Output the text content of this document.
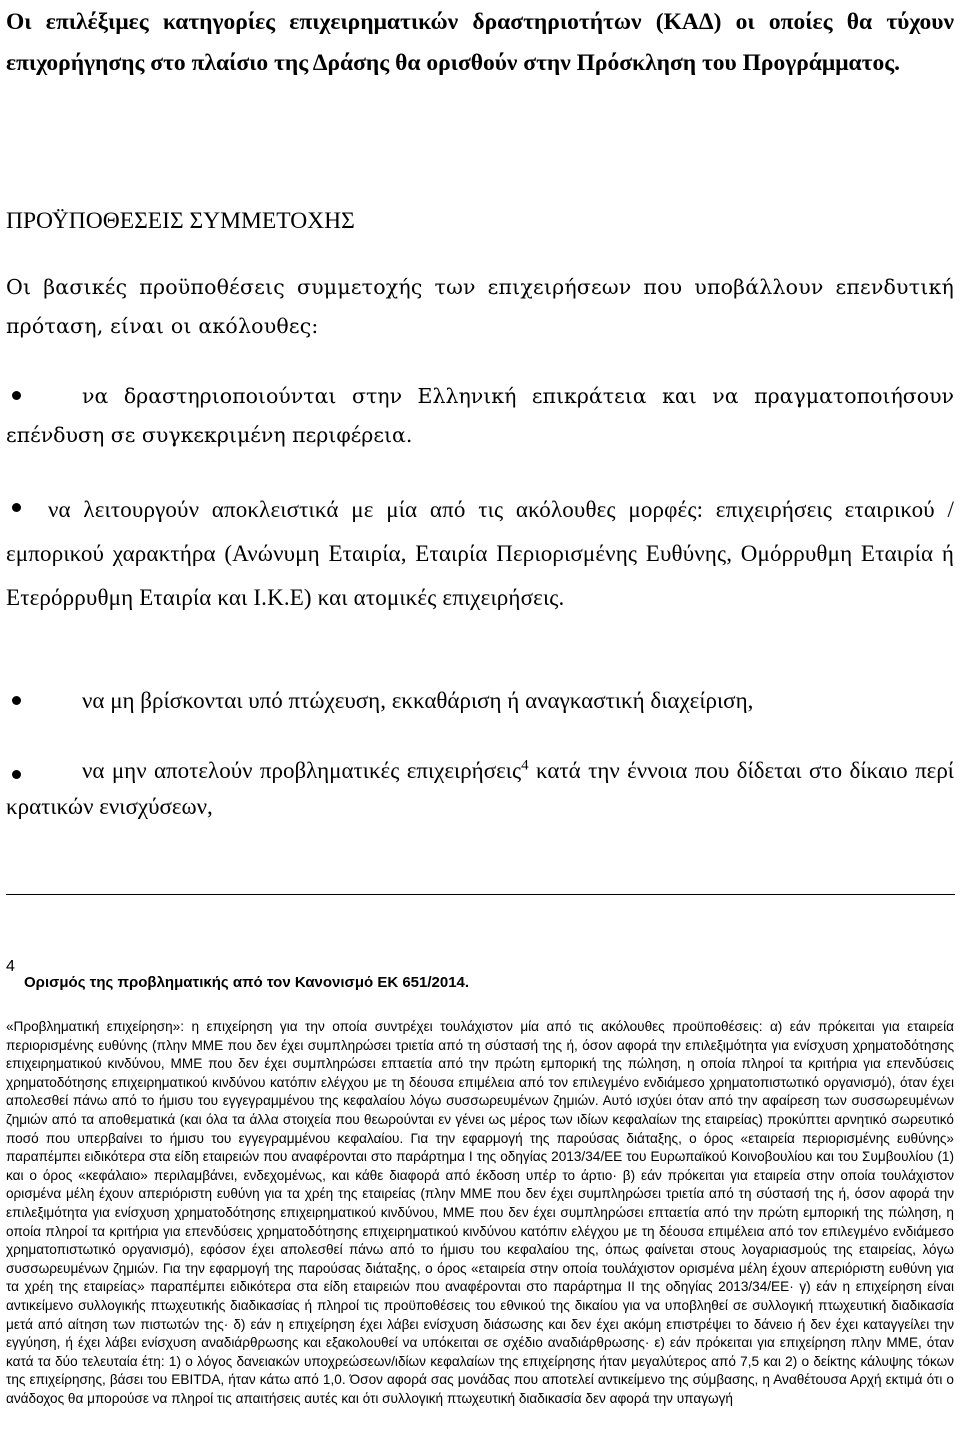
Οι επιλέξιμες κατηγορίες επιχειρηματικών δραστηριοτήτων (ΚΑΔ) οι οποίες θα τύχουν επιχορήγησης στο πλαίσιο της Δράσης θα ορισθούν στην Πρόσκληση του Προγράμματος.

ΠΡΟΫΠΟΘΕΣΕΙΣ ΣΥΜΜΕΤΟΧΗΣ

Οι βασικές προϋποθέσεις συμμετοχής των επιχειρήσεων που υποβάλλουν επενδυτική πρόταση, είναι οι ακόλουθες:

να δραστηριοποιούνται στην Ελληνική επικράτεια και να πραγματοποιήσουν επένδυση σε συγκεκριμένη περιφέρεια.

να λειτουργούν αποκλειστικά με μία από τις ακόλουθες μορφές: επιχειρήσεις εταιρικού / εμπορικού χαρακτήρα (Ανώνυμη Εταιρία, Εταιρία Περιορισμένης Ευθύνης, Ομόρρυθμη Εταιρία ή Ετερόρρυθμη Εταιρία και Ι.Κ.Ε) και ατομικές επιχειρήσεις.

να μη βρίσκονται υπό πτώχευση, εκκαθάριση ή αναγκαστική διαχείριση,

να μην αποτελούν προβληματικές επιχειρήσεις$^4$ κατά την έννοια που δίδεται στο δίκαιο περί κρατικών ενισχύσεων,

4

Ορισμός της προβληματικής από τον Κανονισμό ΕΚ 651/2014.

«Προβληματική επιχείρηση»: η επιχείρηση για την οποία συντρέχει τουλάχιστον μία από τις ακόλουθες προϋποθέσεις: α) εάν πρόκειται για εταιρεία περιορισμένης ευθύνης (πλην ΜΜΕ που δεν έχει συμπληρώσει τριετία από τη σύστασή της ή, όσον αφορά την επιλεξιμότητα για ενίσχυση χρηματοδότησης επιχειρηματικού κινδύνου, ΜΜΕ που δεν έχει συμπληρώσει επταετία από την πρώτη εμπορική της πώληση, η οποία πληροί τα κριτήρια για επενδύσεις χρηματοδότησης επιχειρηματικού κινδύνου κατόπιν ελέγχου με τη δέουσα επιμέλεια από τον επιλεγμένο ενδιάμεσο χρηματοπιστωτικό οργανισμό), όταν έχει απολεσθεί πάνω από το ήμισυ του εγγεγραμμένου της κεφαλαίου λόγω συσσωρευμένων ζημιών. Αυτό ισχύει όταν από την αφαίρεση των συσσωρευμένων ζημιών από τα αποθεματικά (και όλα τα άλλα στοιχεία που θεωρούνται εν γένει ως μέρος των ιδίων κεφαλαίων της εταιρείας) προκύπτει αρνητικό σωρευτικό ποσό που υπερβαίνει το ήμισυ του εγγεγραμμένου κεφαλαίου. Για την εφαρμογή της παρούσας διάταξης, ο όρος «εταιρεία περιορισμένης ευθύνης» παραπέμπει ειδικότερα στα είδη εταιρειών που αναφέρονται στο παράρτημα Ι της οδηγίας 2013/34/ΕΕ του Ευρωπαϊκού Κοινοβουλίου και του Συμβουλίου (1) και ο όρος «κεφάλαιο» περιλαμβάνει, ενδεχομένως, και κάθε διαφορά από έκδοση υπέρ το άρτιο· β) εάν πρόκειται για εταιρεία στην οποία τουλάχιστον ορισμένα μέλη έχουν απεριόριστη ευθύνη για τα χρέη της εταιρείας (πλην ΜΜΕ που δεν έχει συμπληρώσει τριετία από τη σύστασή της ή, όσον αφορά την επιλεξιμότητα για ενίσχυση χρηματοδότησης επιχειρηματικού κινδύνου, ΜΜΕ που δεν έχει συμπληρώσει επταετία από την πρώτη εμπορική της πώληση, η οποία πληροί τα κριτήρια για επενδύσεις χρηματοδότησης επιχειρηματικού κινδύνου κατόπιν ελέγχου με τη δέουσα επιμέλεια από τον επιλεγμένο ενδιάμεσο χρηματοπιστωτικό οργανισμό), εφόσον έχει απολεσθεί πάνω από το ήμισυ του κεφαλαίου της, όπως φαίνεται στους λογαριασμούς της εταιρείας, λόγω συσσωρευμένων ζημιών. Για την εφαρμογή της παρούσας διάταξης, ο όρος «εταιρεία στην οποία τουλάχιστον ορισμένα μέλη έχουν απεριόριστη ευθύνη για τα χρέη της εταιρείας» παραπέμπει ειδικότερα στα είδη εταιρειών που αναφέρονται στο παράρτημα ΙΙ της οδηγίας 2013/34/ΕΕ· γ) εάν η επιχείρηση είναι αντικείμενο συλλογικής πτωχευτικής διαδικασίας ή πληροί τις προϋποθέσεις του εθνικού της δικαίου για να υποβληθεί σε συλλογική πτωχευτική διαδικασία μετά από αίτηση των πιστωτών της· δ) εάν η επιχείρηση έχει λάβει ενίσχυση διάσωσης και δεν έχει ακόμη επιστρέψει το δάνειο ή δεν έχει καταγγείλει την εγγύηση, ή έχει λάβει ενίσχυση αναδιάρθρωσης και εξακολουθεί να υπόκειται σε σχέδιο αναδιάρθρωσης· ε) εάν πρόκειται για επιχείρηση πλην ΜΜΕ, όταν κατά τα δύο τελευταία έτη: 1) ο λόγος δανειακών υποχρεώσεων/ιδίων κεφαλαίων της επιχείρησης ήταν μεγαλύτερος από 7,5 και 2) ο δείκτης κάλυψης τόκων της επιχείρησης, βάσει του EBITDA, ήταν κάτω από 1,0. Όσον αφορά σας μονάδας που αποτελεί αντικείμενο της σύμβασης, η Αναθέτουσα Αρχή εκτιμά ότι ο ανάδοχος θα μπορούσε να πληροί τις απαιτήσεις αυτές και ότι συλλογική πτωχευτική διαδικασία δεν αφορά την υπαγωγή
